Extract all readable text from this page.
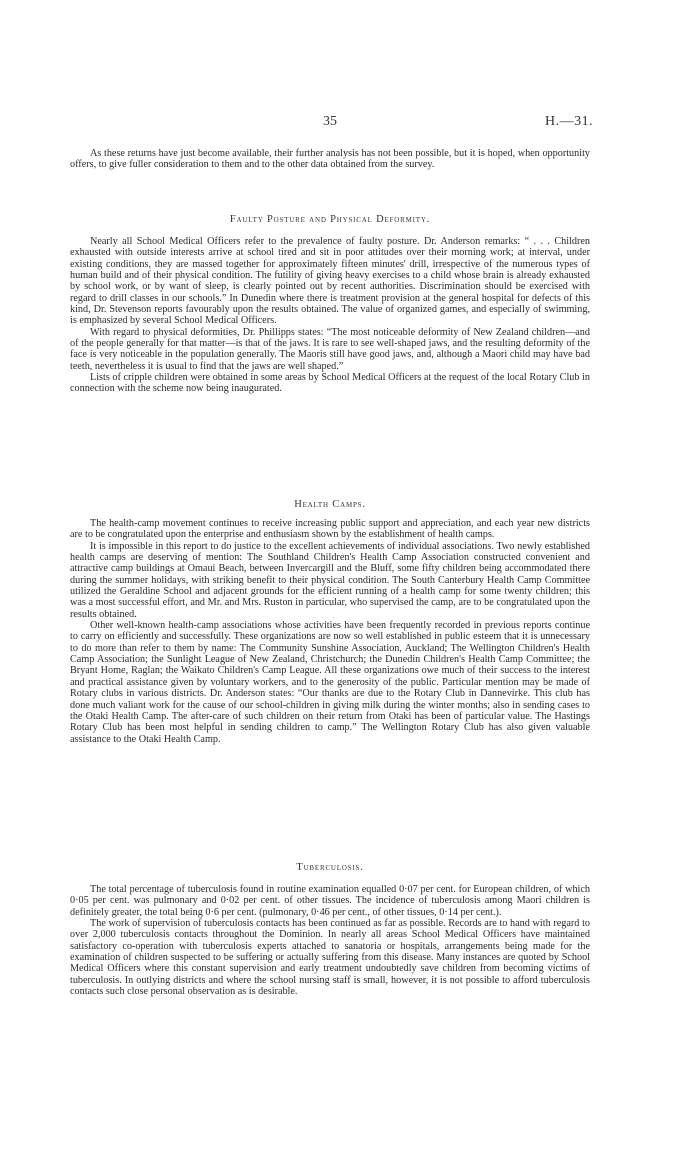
35	H.—31.

As these returns have just become available, their further analysis has not been possible, but it is hoped, when opportunity offers, to give fuller consideration to them and to the other data obtained from the survey.

Faulty Posture and Physical Deformity.

Nearly all School Medical Officers refer to the prevalence of faulty posture. Dr. Anderson remarks: “ . . . Children exhausted with outside interests arrive at school tired and sit in poor attitudes over their morning work; at interval, under existing conditions, they are massed together for approximately fifteen minutes' drill, irrespective of the numerous types of human build and of their physical condition. The futility of giving heavy exercises to a child whose brain is already exhausted by school work, or by want of sleep, is clearly pointed out by recent authorities. Discrimination should be exercised with regard to drill classes in our schools.” In Dunedin where there is treatment provision at the general hospital for defects of this kind, Dr. Stevenson reports favourably upon the results obtained. The value of organized games, and especially of swimming, is emphasized by several School Medical Officers.

With regard to physical deformities, Dr. Phillipps states: “The most noticeable deformity of New Zealand children—and of the people generally for that matter—is that of the jaws. It is rare to see well-shaped jaws, and the resulting deformity of the face is very noticeable in the population generally. The Maoris still have good jaws, and, although a Maori child may have bad teeth, nevertheless it is usual to find that the jaws are well shaped.”

Lists of cripple children were obtained in some areas by School Medical Officers at the request of the local Rotary Club in connection with the scheme now being inaugurated.

Health Camps.

The health-camp movement continues to receive increasing public support and appreciation, and each year new districts are to be congratulated upon the enterprise and enthusiasm shown by the establishment of health camps.

It is impossible in this report to do justice to the excellent achievements of individual associations. Two newly established health camps are deserving of mention: The Southland Children's Health Camp Association constructed convenient and attractive camp buildings at Omaui Beach, between Invercargill and the Bluff, some fifty children being accommodated there during the summer holidays, with striking benefit to their physical condition. The South Canterbury Health Camp Committee utilized the Geraldine School and adjacent grounds for the efficient running of a health camp for some twenty children; this was a most successful effort, and Mr. and Mrs. Ruston in particular, who supervised the camp, are to be congratulated upon the results obtained.

Other well-known health-camp associations whose activities have been frequently recorded in previous reports continue to carry on efficiently and successfully. These organizations are now so well established in public esteem that it is unnecessary to do more than refer to them by name: The Community Sunshine Association, Auckland; The Wellington Children's Health Camp Association; the Sunlight League of New Zealand, Christchurch; the Dunedin Children's Health Camp Committee; the Bryant Home, Raglan; the Waikato Children's Camp League. All these organizations owe much of their success to the interest and practical assistance given by voluntary workers, and to the generosity of the public. Particular mention may be made of Rotary clubs in various districts. Dr. Anderson states: “Our thanks are due to the Rotary Club in Dannevirke. This club has done much valiant work for the cause of our school-children in giving milk during the winter months; also in sending cases to the Otaki Health Camp. The after-care of such children on their return from Otaki has been of particular value. The Hastings Rotary Club has been most helpful in sending children to camp.” The Wellington Rotary Club has also given valuable assistance to the Otaki Health Camp.

Tuberculosis.

The total percentage of tuberculosis found in routine examination equalled 0·07 per cent. for European children, of which 0·05 per cent. was pulmonary and 0·02 per cent. of other tissues. The incidence of tuberculosis among Maori children is definitely greater, the total being 0·6 per cent. (pulmonary, 0·46 per cent., of other tissues, 0·14 per cent.).

The work of supervision of tuberculosis contacts has been continued as far as possible. Records are to hand with regard to over 2,000 tuberculosis contacts throughout the Dominion. In nearly all areas School Medical Officers have maintained satisfactory co-operation with tuberculosis experts attached to sanatoria or hospitals, arrangements being made for the examination of children suspected to be suffering or actually suffering from this disease. Many instances are quoted by School Medical Officers where this constant supervision and early treatment undoubtedly save children from becoming victims of tuberculosis. In outlying districts and where the school nursing staff is small, however, it is not possible to afford tuberculosis contacts such close personal observation as is desirable.
